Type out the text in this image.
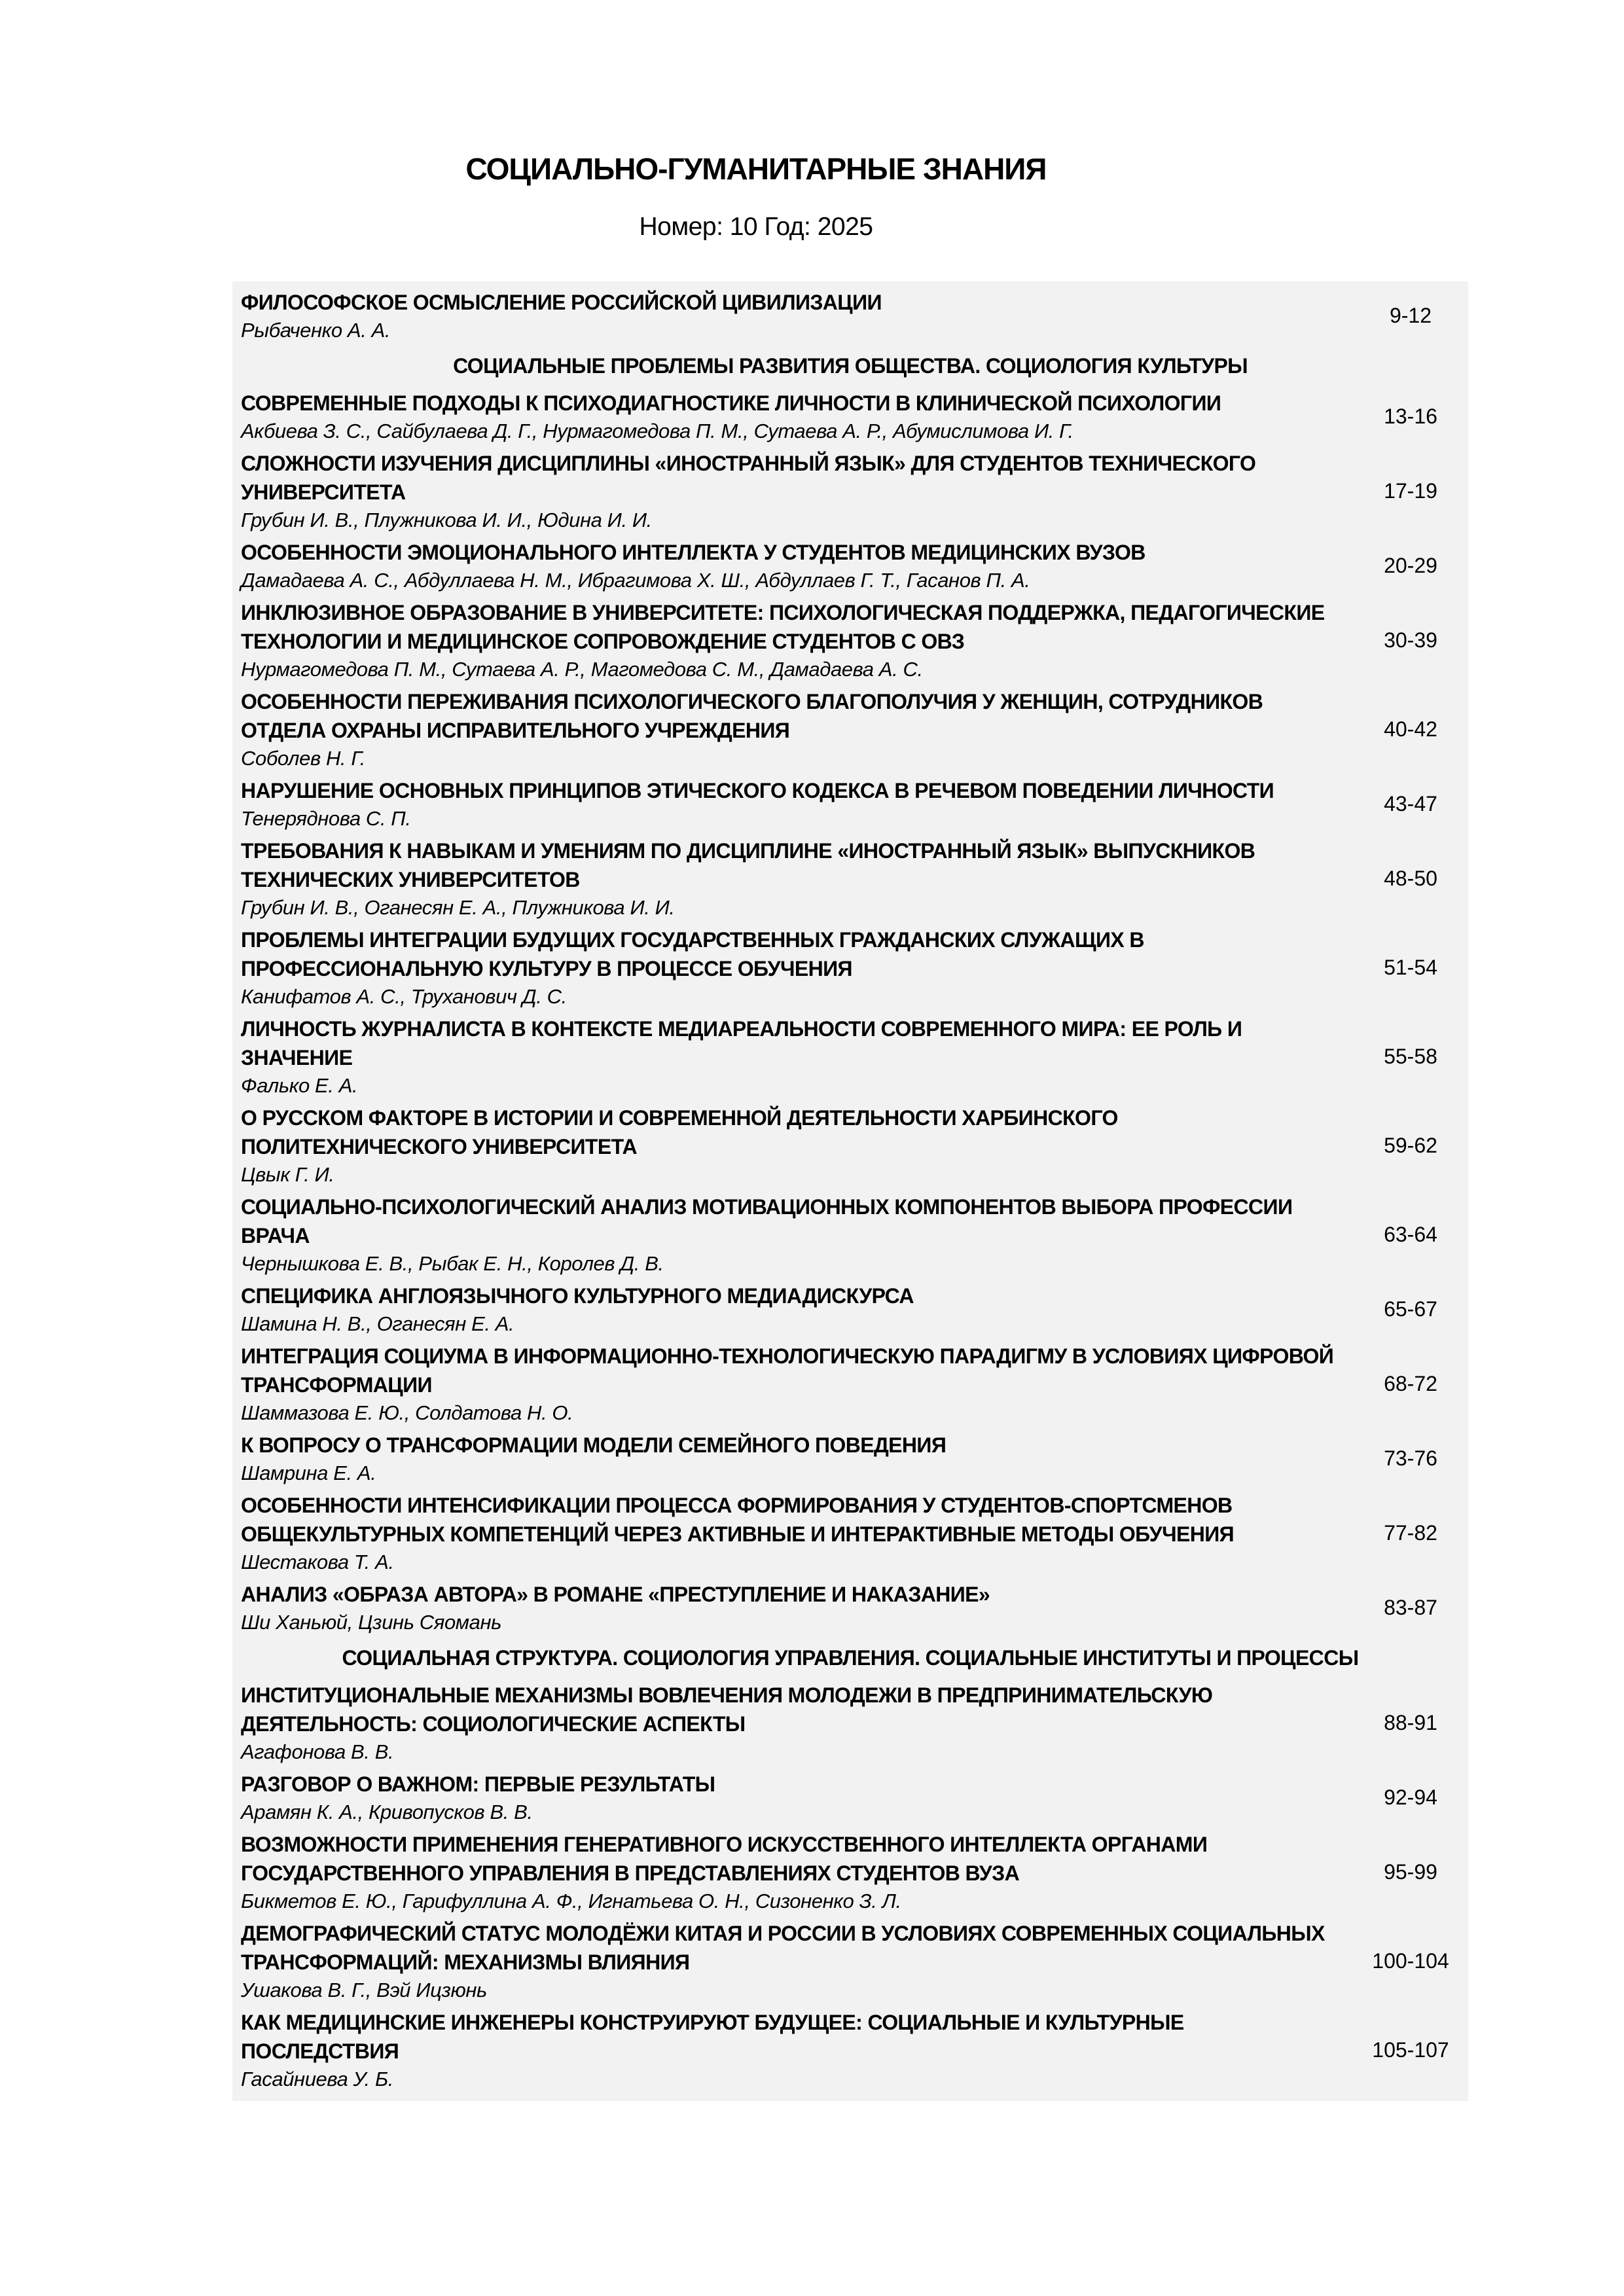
СОЦИАЛЬНО-ГУМАНИТАРНЫЕ ЗНАНИЯ
Номер: 10 Год: 2025
ФИЛОСОФСКОЕ ОСМЫСЛЕНИЕ РОССИЙСКОЙ ЦИВИЛИЗАЦИИ
Рыбаченко А. А.
9-12
СОЦИАЛЬНЫЕ ПРОБЛЕМЫ РАЗВИТИЯ ОБЩЕСТВА. СОЦИОЛОГИЯ КУЛЬТУРЫ
СОВРЕМЕННЫЕ ПОДХОДЫ К ПСИХОДИАГНОСТИКЕ ЛИЧНОСТИ В КЛИНИЧЕСКОЙ ПСИХОЛОГИИ
Акбиева З. С., Сайбулаева Д. Г., Нурмагомедова П. М., Сутаева А. Р., Абумислимова И. Г.
13-16
СЛОЖНОСТИ ИЗУЧЕНИЯ ДИСЦИПЛИНЫ «ИНОСТРАННЫЙ ЯЗЫК» ДЛЯ СТУДЕНТОВ ТЕХНИЧЕСКОГО УНИВЕРСИТЕТА
Грубин И. В., Плужникова И. И., Юдина И. И.
17-19
ОСОБЕННОСТИ ЭМОЦИОНАЛЬНОГО ИНТЕЛЛЕКТА У СТУДЕНТОВ МЕДИЦИНСКИХ ВУЗОВ
Дамадаева А. С., Абдуллаева Н. М., Ибрагимова Х. Ш., Абдуллаев Г. Т., Гасанов П. А.
20-29
ИНКЛЮЗИВНОЕ ОБРАЗОВАНИЕ В УНИВЕРСИТЕТЕ: ПСИХОЛОГИЧЕСКАЯ ПОДДЕРЖКА, ПЕДАГОГИЧЕСКИЕ ТЕХНОЛОГИИ И МЕДИЦИНСКОЕ СОПРОВОЖДЕНИЕ СТУДЕНТОВ С ОВЗ
Нурмагомедова П. М., Сутаева А. Р., Магомедова С. М., Дамадаева А. С.
30-39
ОСОБЕННОСТИ ПЕРЕЖИВАНИЯ ПСИХОЛОГИЧЕСКОГО БЛАГОПОЛУЧИЯ У ЖЕНЩИН, СОТРУДНИКОВ ОТДЕЛА ОХРАНЫ ИСПРАВИТЕЛЬНОГО УЧРЕЖДЕНИЯ
Соболев Н. Г.
40-42
НАРУШЕНИЕ ОСНОВНЫХ ПРИНЦИПОВ ЭТИЧЕСКОГО КОДЕКСА В РЕЧЕВОМ ПОВЕДЕНИИ ЛИЧНОСТИ
Тенеряднова С. П.
43-47
ТРЕБОВАНИЯ К НАВЫКАМ И УМЕНИЯМ ПО ДИСЦИПЛИНЕ «ИНОСТРАННЫЙ ЯЗЫК» ВЫПУСКНИКОВ ТЕХНИЧЕСКИХ УНИВЕРСИТЕТОВ
Грубин И. В., Оганесян Е. А., Плужникова И. И.
48-50
ПРОБЛЕМЫ ИНТЕГРАЦИИ БУДУЩИХ ГОСУДАРСТВЕННЫХ ГРАЖДАНСКИХ СЛУЖАЩИХ В ПРОФЕССИОНАЛЬНУЮ КУЛЬТУРУ В ПРОЦЕССЕ ОБУЧЕНИЯ
Канифатов А. С., Труханович Д. С.
51-54
ЛИЧНОСТЬ ЖУРНАЛИСТА В КОНТЕКСТЕ МЕДИАРЕАЛЬНОСТИ СОВРЕМЕННОГО МИРА: ЕЕ РОЛЬ И ЗНАЧЕНИЕ
Фалько Е. А.
55-58
О РУССКОМ ФАКТОРЕ В ИСТОРИИ И СОВРЕМЕННОЙ ДЕЯТЕЛЬНОСТИ ХАРБИНСКОГО ПОЛИТЕХНИЧЕСКОГО УНИВЕРСИТЕТА
Цвык Г. И.
59-62
СОЦИАЛЬНО-ПСИХОЛОГИЧЕСКИЙ АНАЛИЗ МОТИВАЦИОННЫХ КОМПОНЕНТОВ ВЫБОРА ПРОФЕССИИ ВРАЧА
Чернышкова Е. В., Рыбак Е. Н., Королев Д. В.
63-64
СПЕЦИФИКА АНГЛОЯЗЫЧНОГО КУЛЬТУРНОГО МЕДИАДИСКУРСА
Шамина Н. В., Оганесян Е. А.
65-67
ИНТЕГРАЦИЯ СОЦИУМА В ИНФОРМАЦИОННО-ТЕХНОЛОГИЧЕСКУЮ ПАРАДИГМУ В УСЛОВИЯХ ЦИФРОВОЙ ТРАНСФОРМАЦИИ
Шаммазова Е. Ю., Солдатова Н. О.
68-72
К ВОПРОСУ О ТРАНСФОРМАЦИИ МОДЕЛИ СЕМЕЙНОГО ПОВЕДЕНИЯ
Шамрина Е. А.
73-76
ОСОБЕННОСТИ ИНТЕНСИФИКАЦИИ ПРОЦЕССА ФОРМИРОВАНИЯ У СТУДЕНТОВ-СПОРТСМЕНОВ ОБЩЕКУЛЬТУРНЫХ КОМПЕТЕНЦИЙ ЧЕРЕЗ АКТИВНЫЕ И ИНТЕРАКТИВНЫЕ МЕТОДЫ ОБУЧЕНИЯ
Шестакова Т. А.
77-82
АНАЛИЗ «ОБРАЗА АВТОРА» В РОМАНЕ «ПРЕСТУПЛЕНИЕ И НАКАЗАНИЕ»
Ши Ханьюй, Цзинь Сяомань
83-87
СОЦИАЛЬНАЯ СТРУКТУРА. СОЦИОЛОГИЯ УПРАВЛЕНИЯ. СОЦИАЛЬНЫЕ ИНСТИТУТЫ И ПРОЦЕССЫ
ИНСТИТУЦИОНАЛЬНЫЕ МЕХАНИЗМЫ ВОВЛЕЧЕНИЯ МОЛОДЕЖИ В ПРЕДПРИНИМАТЕЛЬСКУЮ ДЕЯТЕЛЬНОСТЬ: СОЦИОЛОГИЧЕСКИЕ АСПЕКТЫ
Агафонова В. В.
88-91
РАЗГОВОР О ВАЖНОМ: ПЕРВЫЕ РЕЗУЛЬТАТЫ
Арамян К. А., Кривопусков В. В.
92-94
ВОЗМОЖНОСТИ ПРИМЕНЕНИЯ ГЕНЕРАТИВНОГО ИСКУССТВЕННОГО ИНТЕЛЛЕКТА ОРГАНАМИ ГОСУДАРСТВЕННОГО УПРАВЛЕНИЯ В ПРЕДСТАВЛЕНИЯХ СТУДЕНТОВ ВУЗА
Бикметов Е. Ю., Гарифуллина А. Ф., Игнатьева О. Н., Сизоненко З. Л.
95-99
ДЕМОГРАФИЧЕСКИЙ СТАТУС МОЛОДЁЖИ КИТАЯ И РОССИИ В УСЛОВИЯХ СОВРЕМЕННЫХ СОЦИАЛЬНЫХ ТРАНСФОРМАЦИЙ: МЕХАНИЗМЫ ВЛИЯНИЯ
Ушакова В. Г., Вэй Ицзюнь
100-104
КАК МЕДИЦИНСКИЕ ИНЖЕНЕРЫ КОНСТРУИРУЮТ БУДУЩЕЕ: СОЦИАЛЬНЫЕ И КУЛЬТУРНЫЕ ПОСЛЕДСТВИЯ
Гасайниева У. Б.
105-107
